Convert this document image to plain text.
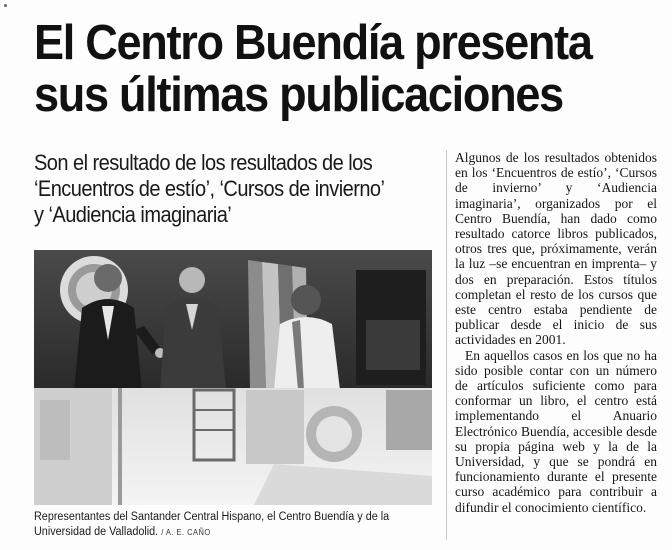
El Centro Buendía presenta
sus últimas publicaciones

Son el resultado de los resultados de los ‘Encuentros de estío’, ‘Cursos de invierno’ y ‘Audiencia imaginaria’

Algunos de los resultados obtenidos en los ‘Encuentros de estío’, ‘Cursos de invierno’ y ‘Audiencia imaginaria’, organizados por el Centro Buendía, han dado como resultado catorce libros publicados, otros tres que, próximamente, verán la luz –se encuentran en imprenta– y dos en preparación. Estos títulos completan el resto de los cursos que este centro estaba pendiente de publicar desde el inicio de sus actividades en 2001.

En aquellos casos en los que no ha sido posible contar con un número de artículos suficiente como para conformar un libro, el centro está implementando el Anuario Electrónico Buendía, accesible desde su propia página web y la de la Universidad, y que se pondrá en funcionamiento durante el presente curso académico para contribuir a difundir el conocimiento científico.

Representantes del Santander Central Hispano, el Centro Buendía y de la Universidad de Valladolid. / A. E. CAÑO
